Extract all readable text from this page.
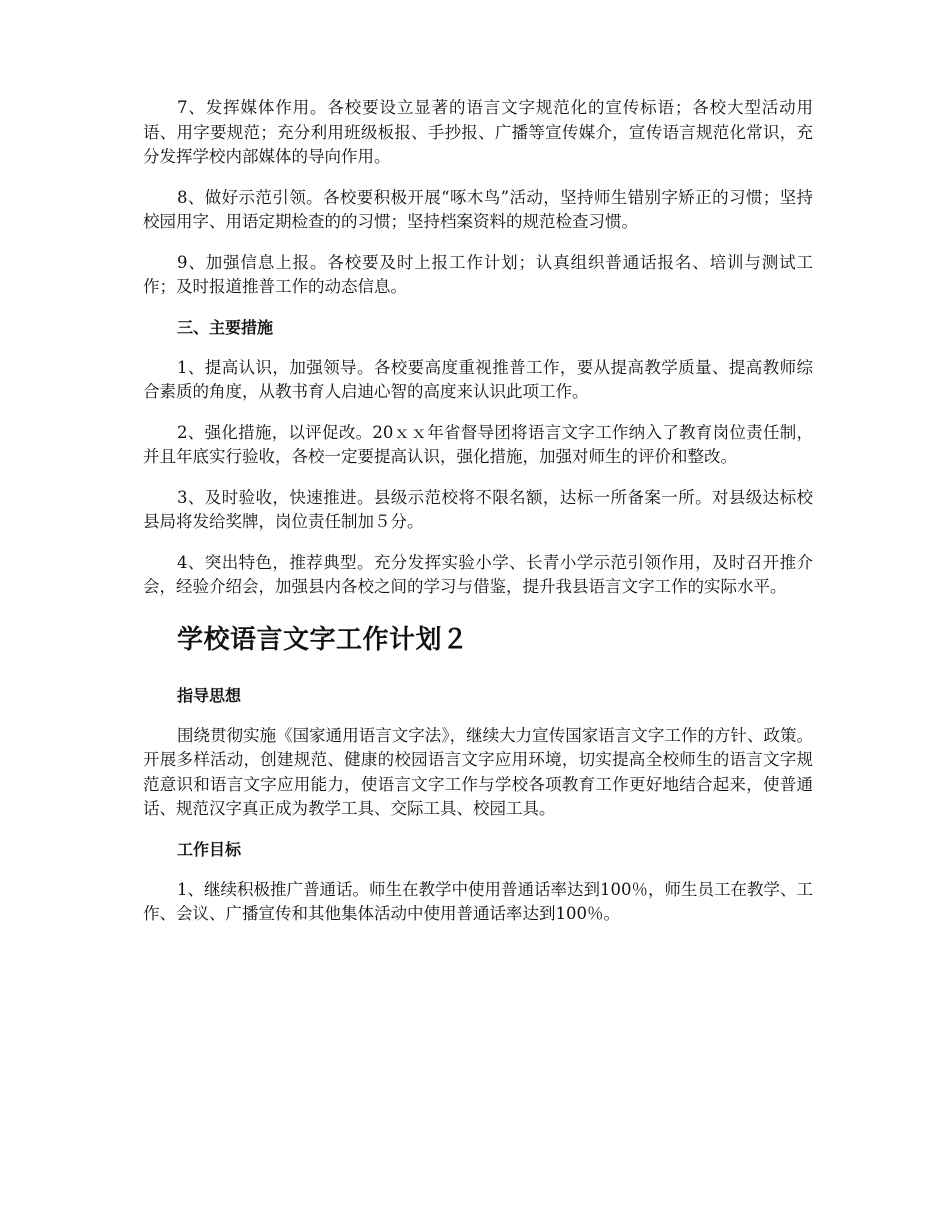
7、发挥媒体作用。各校要设立显著的语言文字规范化的宣传标语；各校大型活动用语、用字要规范；充分利用班级板报、手抄报、广播等宣传媒介，宣传语言规范化常识，充分发挥学校内部媒体的导向作用。

8、做好示范引领。各校要积极开展“啄木鸟”活动，坚持师生错别字矫正的习惯；坚持校园用字、用语定期检查的的习惯；坚持档案资料的规范检查习惯。

9、加强信息上报。各校要及时上报工作计划；认真组织普通话报名、培训与测试工作；及时报道推普工作的动态信息。

三、主要措施

1、提高认识，加强领导。各校要高度重视推普工作，要从提高教学质量、提高教师综合素质的角度，从教书育人启迪心智的高度来认识此项工作。

2、强化措施，以评促改。20ｘｘ年省督导团将语言文字工作纳入了教育岗位责任制，并且年底实行验收，各校一定要提高认识，强化措施，加强对师生的评价和整改。

3、及时验收，快速推进。县级示范校将不限名额，达标一所备案一所。对县级达标校县局将发给奖牌，岗位责任制加５分。

4、突出特色，推荐典型。充分发挥实验小学、长青小学示范引领作用，及时召开推介会，经验介绍会，加强县内各校之间的学习与借鉴，提升我县语言文字工作的实际水平。

学校语言文字工作计划２

指导思想

围绕贯彻实施《国家通用语言文字法》，继续大力宣传国家语言文字工作的方针、政策。开展多样活动，创建规范、健康的校园语言文字应用环境，切实提高全校师生的语言文字规范意识和语言文字应用能力，使语言文字工作与学校各项教育工作更好地结合起来，使普通话、规范汉字真正成为教学工具、交际工具、校园工具。

工作目标

1、继续积极推广普通话。师生在教学中使用普通话率达到100％，师生员工在教学、工作、会议、广播宣传和其他集体活动中使用普通话率达到100％。
